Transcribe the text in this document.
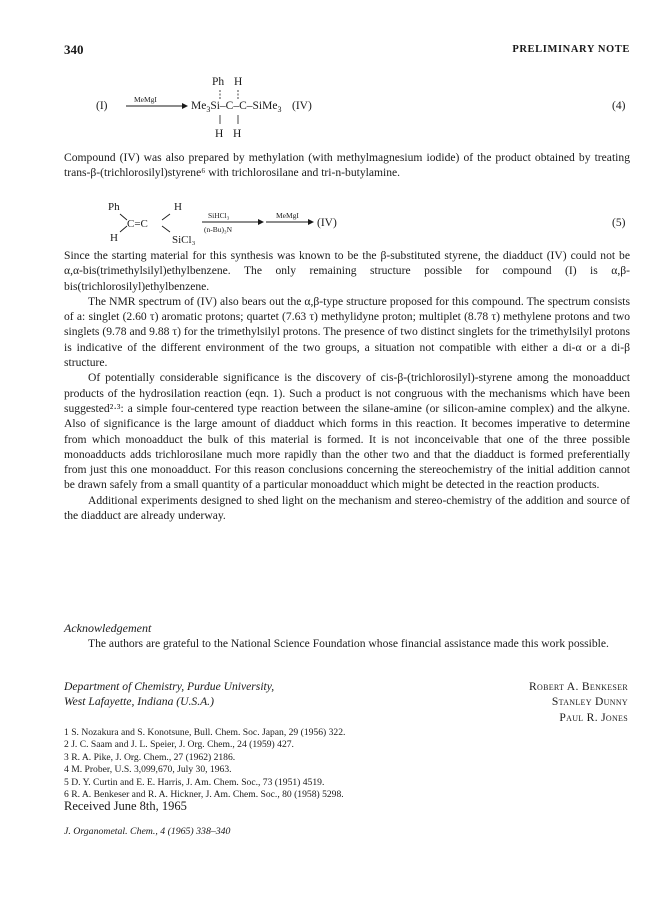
340	PRELIMINARY NOTE
Ph H
(I)
MeMgI
$Me_3Si-C-C-SiMe_3$ (IV)
H H
(4)

Compound (IV) was also prepared by methylation (with methylmagnesium iodide) of the product obtained by treating trans-β-(trichlorosilyl)styrene⁶ with trichlorosilane and tri-n-butylamine.

Ph	H
C=C
H	SiCl₃
SiHCl₃
(n-Bu)₃N
MeMgI
(IV)	(5)

Since the starting material for this synthesis was known to be the β-substituted styrene, the diadduct (IV) could not be α,α-bis(trimethylsilyl)ethylbenzene. The only remaining structure possible for compound (I) is α,β-bis(trichlorosilyl)ethylbenzene.

The NMR spectrum of (IV) also bears out the α,β-type structure proposed for this compound. The spectrum consists of a: singlet (2.60 τ) aromatic protons; quartet (7.63 τ) methylidyne proton; multiplet (8.78 τ) methylene protons and two singlets (9.78 and 9.88 τ) for the trimethylsilyl protons. The presence of two distinct singlets for the trimethylsilyl protons is indicative of the different environment of the two groups, a situation not compatible with either a di-α or a di-β structure.

Of potentially considerable significance is the discovery of cis-β-(trichlorosilyl)-styrene among the monoadduct products of the hydrosilation reaction (eqn. 1). Such a product is not congruous with the mechanisms which have been suggested²·³: a simple four-centered type reaction between the silane-amine (or silicon-amine complex) and the alkyne. Also of significance is the large amount of diadduct which forms in this reaction. It becomes imperative to determine from which monoadduct the bulk of this material is formed. It is not inconceivable that one of the three possible monoadducts adds trichlorosilane much more rapidly than the other two and that the diadduct is formed preferentially from just this one monoadduct. For this reason conclusions concerning the stereochemistry of the initial addition cannot be drawn safely from a small quantity of a particular monoadduct which might be detected in the reaction products.

Additional experiments designed to shed light on the mechanism and stereo-chemistry of the addition and source of the diadduct are already underway.

Acknowledgement

The authors are grateful to the National Science Foundation whose financial assistance made this work possible.

Department of Chemistry, Purdue University,
West Lafayette, Indiana (U.S.A.)
Robert A. Benkeser
Stanley Dunny
Paul R. Jones
1 S. Nozakura and S. Konotsune, Bull. Chem. Soc. Japan, 29 (1956) 322.
2 J. C. Saam and J. L. Speier, J. Org. Chem., 24 (1959) 427.
3 R. A. Pike, J. Org. Chem., 27 (1962) 2186.
4 M. Prober, U.S. 3,099,670, July 30, 1963.
5 D. Y. Curtin and E. E. Harris, J. Am. Chem. Soc., 73 (1951) 4519.
6 R. A. Benkeser and R. A. Hickner, J. Am. Chem. Soc., 80 (1958) 5298.
Received June 8th, 1965
J. Organometal. Chem., 4 (1965) 338–340
